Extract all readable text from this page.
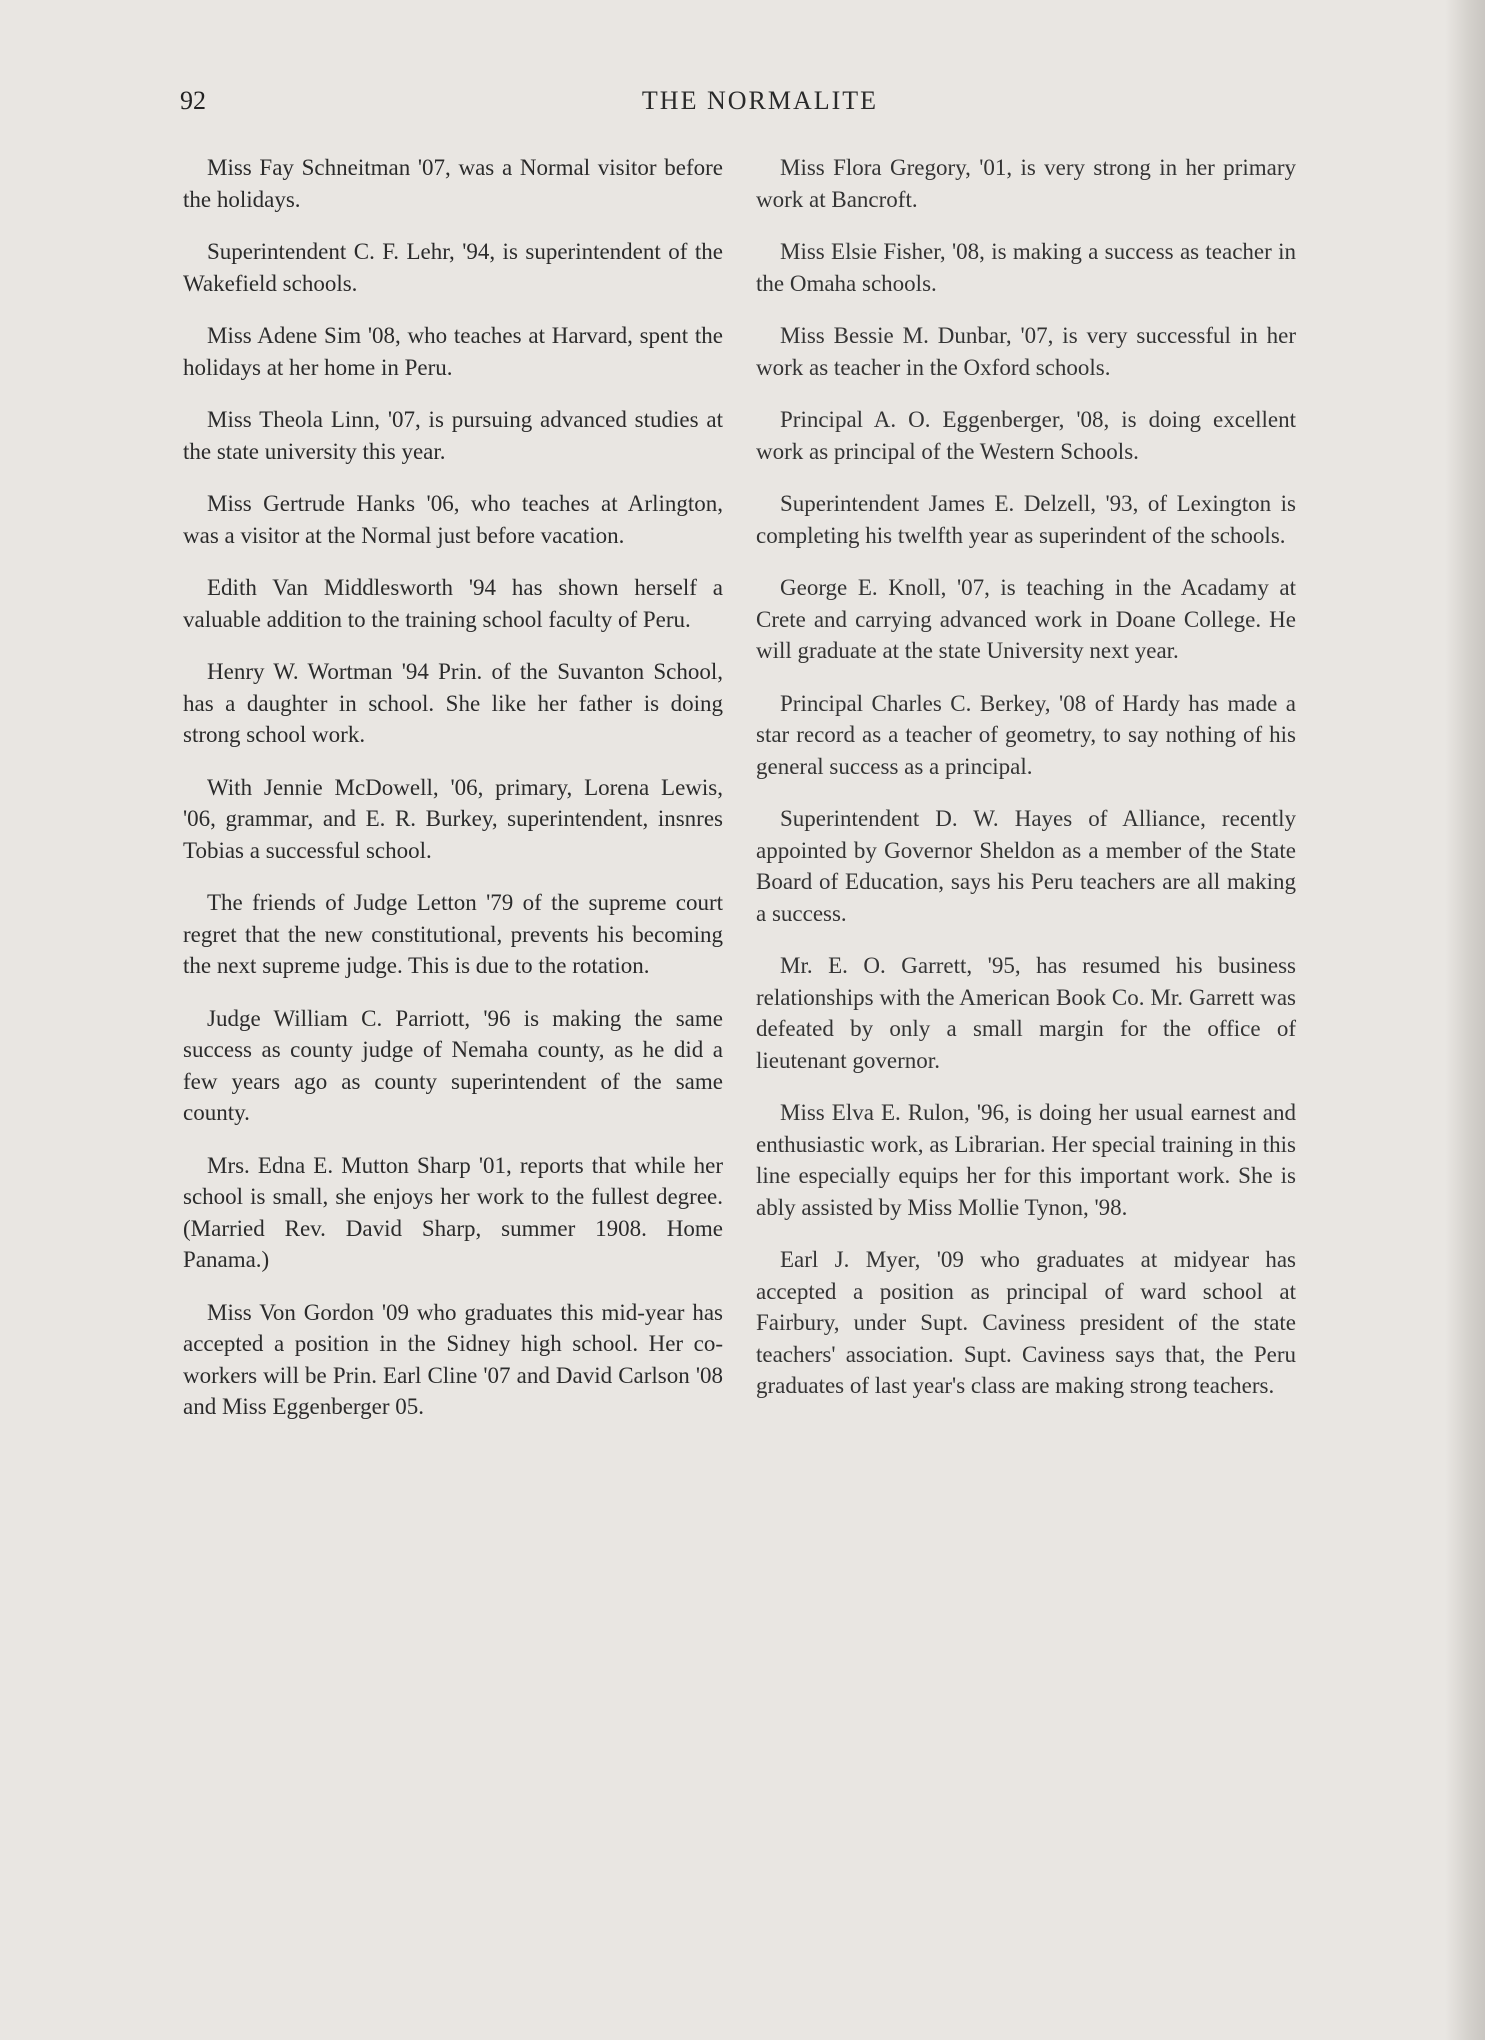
92	THE NORMALITE

Miss Fay Schneitman '07, was a Normal visitor before the holidays.

Superintendent C. F. Lehr, '94, is superintendent of the Wakefield schools.

Miss Adene Sim '08, who teaches at Harvard, spent the holidays at her home in Peru.

Miss Theola Linn, '07, is pursuing advanced studies at the state university this year.

Miss Gertrude Hanks '06, who teaches at Arlington, was a visitor at the Normal just before vacation.

Edith Van Middlesworth '94 has shown herself a valuable addition to the training school faculty of Peru.

Henry W. Wortman '94 Prin. of the Suvanton School, has a daughter in school. She like her father is doing strong school work.

With Jennie McDowell, '06, primary, Lorena Lewis, '06, grammar, and E. R. Burkey, superintendent, insnres Tobias a successful school.

The friends of Judge Letton '79 of the supreme court regret that the new constitutional, prevents his becoming the next supreme judge. This is due to the rotation.

Judge William C. Parriott, '96 is making the same success as county judge of Nemaha county, as he did a few years ago as county superintendent of the same county.

Mrs. Edna E. Mutton Sharp '01, reports that while her school is small, she enjoys her work to the fullest degree. (Married Rev. David Sharp, summer 1908. Home Panama.)

Miss Von Gordon '09 who graduates this mid-year has accepted a position in the Sidney high school. Her co-workers will be Prin. Earl Cline '07 and David Carlson '08 and Miss Eggenberger 05.

Miss Flora Gregory, '01, is very strong in her primary work at Bancroft.

Miss Elsie Fisher, '08, is making a success as teacher in the Omaha schools.

Miss Bessie M. Dunbar, '07, is very successful in her work as teacher in the Oxford schools.

Principal A. O. Eggenberger, '08, is doing excellent work as principal of the Western Schools.

Superintendent James E. Delzell, '93, of Lexington is completing his twelfth year as superindent of the schools.

George E. Knoll, '07, is teaching in the Acadamy at Crete and carrying advanced work in Doane College. He will graduate at the state University next year.

Principal Charles C. Berkey, '08 of Hardy has made a star record as a teacher of geometry, to say nothing of his general success as a principal.

Superintendent D. W. Hayes of Alliance, recently appointed by Governor Sheldon as a member of the State Board of Education, says his Peru teachers are all making a success.

Mr. E. O. Garrett, '95, has resumed his business relationships with the American Book Co. Mr. Garrett was defeated by only a small margin for the office of lieutenant governor.

Miss Elva E. Rulon, '96, is doing her usual earnest and enthusiastic work, as Librarian. Her special training in this line especially equips her for this important work. She is ably assisted by Miss Mollie Tynon, '98.

Earl J. Myer, '09 who graduates at midyear has accepted a position as principal of ward school at Fairbury, under Supt. Caviness president of the state teachers' association. Supt. Caviness says that, the Peru graduates of last year's class are making strong teachers.
